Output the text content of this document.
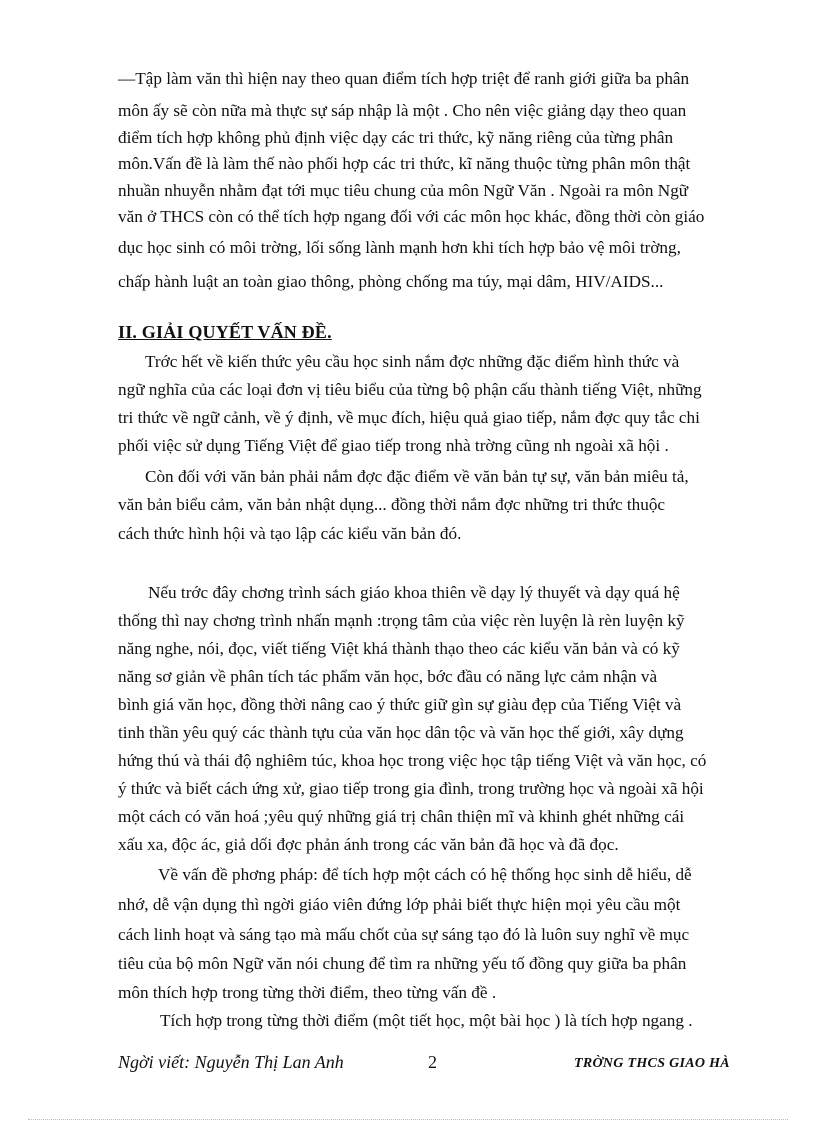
—Tập làm văn thì hiện nay theo quan điểm tích hợp triệt để ranh giới giữa ba phân
môn ấy sẽ còn nữa mà thực sự sáp nhập là một . Cho nên việc giảng dạy theo quan
điểm tích hợp không phủ định việc dạy các tri thức, kỹ năng riêng của từng phân
môn.Vấn đề là làm thế nào phối hợp các tri thức, kĩ năng thuộc từng phân môn thật
nhuần nhuyễn nhằm đạt tới mục tiêu chung của môn Ngữ Văn . Ngoài ra môn Ngữ
văn ở THCS còn có thể tích hợp ngang đối với các môn học khác, đồng thời còn giáo
dục học sinh có môi trờng, lối sống lành mạnh hơn khi tích hợp bảo vệ môi trờng,
chấp hành luật an toàn giao thông, phòng chống ma túy, mại dâm, HIV/AIDS...
II. GIẢI QUYẾT VẤN ĐỀ.
Trớc hết về kiến thức yêu cầu học sinh nắm đợc những đặc điểm hình thức và
ngữ nghĩa của các loại đơn vị tiêu biểu của từng bộ phận cấu thành tiếng Việt, những
tri thức về ngữ cảnh, về ý định, về mục đích, hiệu quả giao tiếp, nắm đợc quy tắc chi
phối việc sử dụng Tiếng Việt để giao tiếp trong nhà trờng cũng nh ngoài xã hội .
Còn đối với văn bản phải nắm đợc đặc điểm về văn bản tự sự, văn bản miêu tả,
văn bản biểu cảm, văn bản nhật dụng... đồng thời nắm đợc những tri thức thuộc
cách thức hình hội và tạo lập các kiểu văn bản đó.
Nếu trớc đây chơng trình sách giáo khoa thiên về dạy lý thuyết và dạy quá hệ
thống thì nay chơng trình nhấn mạnh :trọng tâm của việc rèn luyện là rèn luyện kỹ
năng nghe, nói, đọc, viết tiếng Việt khá thành thạo theo các kiểu văn bản và có kỹ
năng sơ giản về phân tích tác phẩm văn học, bớc đầu có năng lực cảm nhận và
bình giá văn học, đồng thời nâng cao ý thức giữ gìn sự giàu đẹp của Tiếng Việt và
tinh thần yêu quý các thành tựu của văn học dân tộc và văn học thế giới, xây dựng
hứng thú và thái độ nghiêm túc, khoa học trong việc học tập tiếng Việt và văn học, có
ý thức và biết cách ứng xử, giao tiếp trong gia đình, trong trường học và ngoài xã hội
một cách có văn hoá ;yêu quý những giá trị chân thiện mĩ và khinh ghét những cái
xấu xa, độc ác, giả dối đợc phản ánh trong các văn bản đã học và đã đọc.
Về vấn đề phơng pháp: để tích hợp một cách có hệ thống học sinh dễ hiểu, dễ
nhớ, dễ vận dụng thì ngời giáo viên đứng lớp phải biết thực hiện mọi yêu cầu một
cách linh hoạt và sáng tạo mà mấu chốt của sự sáng tạo đó là luôn suy nghĩ về mục
tiêu của bộ môn Ngữ văn nói chung để tìm ra những yếu tố đồng quy giữa ba phân
môn thích hợp trong từng thời điểm, theo từng vấn đề .
Tích hợp trong từng thời điểm (một tiết học, một bài học ) là tích hợp ngang .
Ngời viết: Nguyễn Thị Lan Anh	2	TRỜNG THCS GIAO HÀ
